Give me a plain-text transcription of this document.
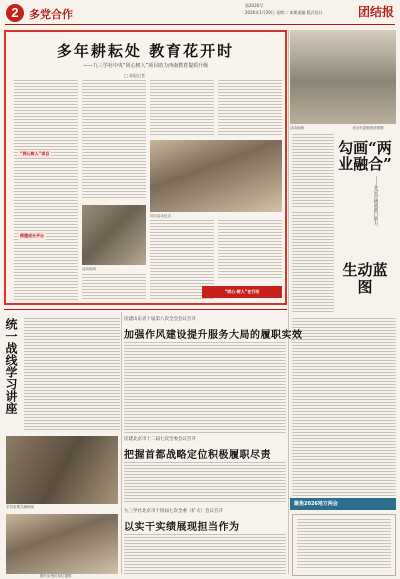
2 多党合作
第2026号
2026年1月29日 星期二 本期责编 版式设计	团结报
多年耕耘处 教育花开时
——九三学社中央“同心树人”项目助力西南教育提质升级
□ 本报记者
“同心树人”项目
搭建成长平台
活动现场
项目启动仪式
“同心·树人”在行动
活动现场	北京市委统战部供图
勾画“两业融合”
——北京市统战部门助力
生动蓝图
聚焦2026地方两会
统一战线学习讲座
学员参观交流现场
图片由受访单位提供
民建山东省十届第八次全会会议召开
加强作风建设提升服务大局的履职实效
民建北京市十二届七次全委会议召开
把握首都战略定位积极履职尽责
九三学社北京市十四届七次全委（扩大）会议召开
以实干实绩展现担当作为
